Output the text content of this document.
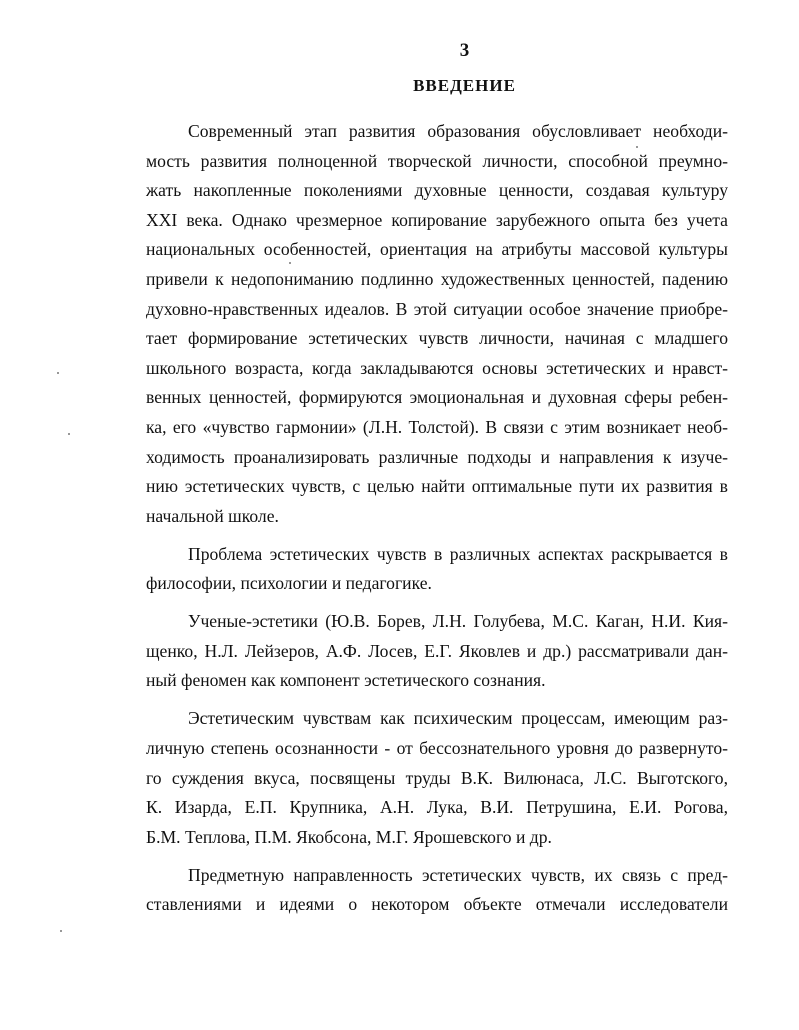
3
ВВЕДЕНИЕ
Современный этап развития образования обусловливает необходи-
мость развития полноценной творческой личности, способной преумно-
жать накопленные поколениями духовные ценности, создавая культуру
XXI века. Однако чрезмерное копирование зарубежного опыта без учета
национальных особенностей, ориентация на атрибуты массовой культуры
привели к недопониманию подлинно художественных ценностей, падению
духовно-нравственных идеалов. В этой ситуации особое значение приобре-
тает формирование эстетических чувств личности, начиная с младшего
школьного возраста, когда закладываются основы эстетических и нравст-
венных ценностей, формируются эмоциональная и духовная сферы ребен-
ка, его «чувство гармонии» (Л.Н. Толстой). В связи с этим возникает необ-
ходимость проанализировать различные подходы и направления к изуче-
нию эстетических чувств, с целью найти оптимальные пути их развития в
начальной школе.
Проблема эстетических чувств в различных аспектах раскрывается в
философии, психологии и педагогике.
Ученые-эстетики (Ю.В. Борев, Л.Н. Голубева, М.С. Каган, Н.И. Кия-
щенко, Н.Л. Лейзеров, А.Ф. Лосев, Е.Г. Яковлев и др.) рассматривали дан-
ный феномен как компонент эстетического сознания.
Эстетическим чувствам как психическим процессам, имеющим раз-
личную степень осознанности - от бессознательного уровня до развернуто-
го суждения вкуса, посвящены труды В.К. Вилюнаса, Л.С. Выготского,
К. Изарда, Е.П. Крупника, А.Н. Лука, В.И. Петрушина, Е.И. Рогова,
Б.М. Теплова, П.М. Якобсона, М.Г. Ярошевского и др.
Предметную направленность эстетических чувств, их связь с пред-
ставлениями и идеями о некотором объекте отмечали исследователи
